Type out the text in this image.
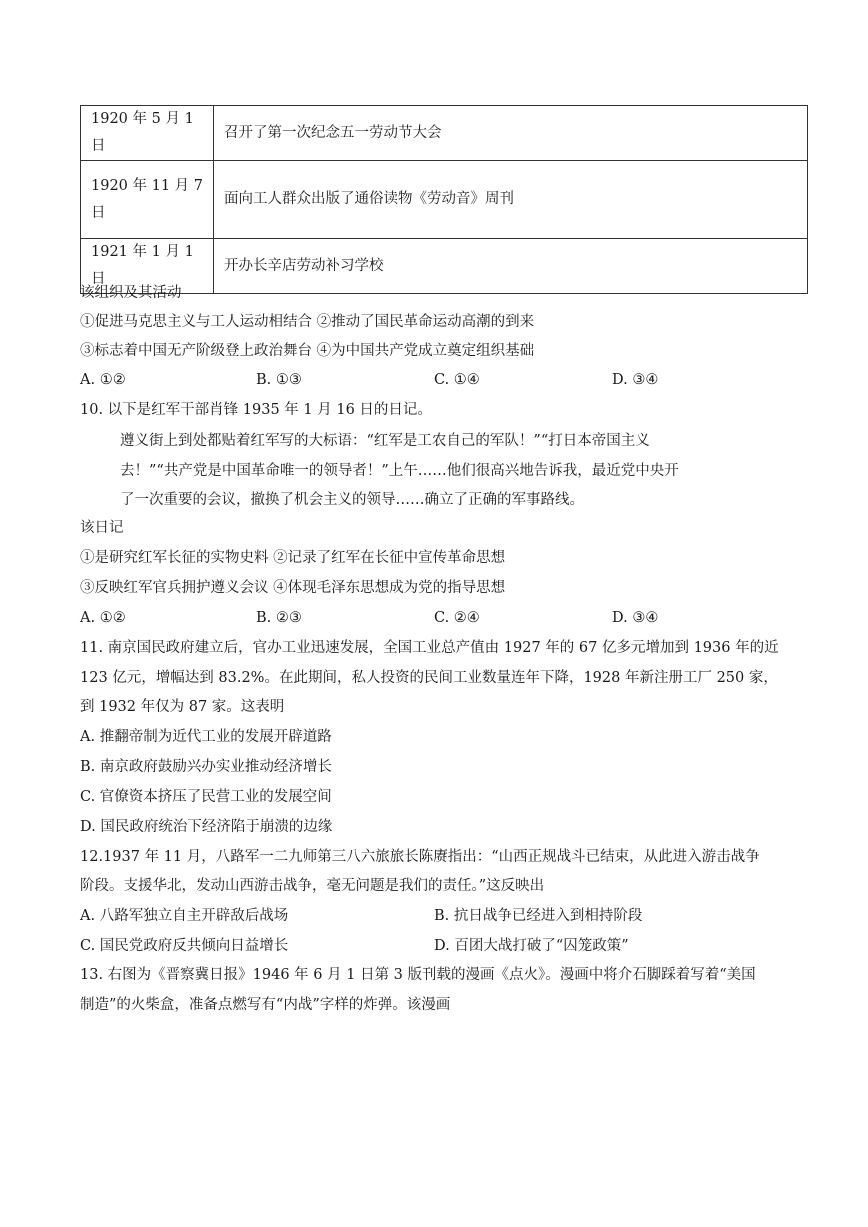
1920 年 5 月 1 日	召开了第一次纪念五一劳动节大会

1920 年 11 月 7
日	面向工人群众出版了通俗读物《劳动音》周刊
1921 年 1 月 1 日	开办长辛店劳动补习学校
该组织及其活动
①促进马克思主义与工人运动相结合 ②推动了国民革命运动高潮的到来
③标志着中国无产阶级登上政治舞台 ④为中国共产党成立奠定组织基础
A. ①②	B. ①③	C. ①④	D. ③④
10. 以下是红军干部肖锋 1935 年 1 月 16 日的日记。
遵义街上到处都贴着红军写的大标语：“红军是工农自己的军队！”“打日本帝国主义
去！”“共产党是中国革命唯一的领导者！”上午……他们很高兴地告诉我，最近党中央开
了一次重要的会议，撤换了机会主义的领导……确立了正确的军事路线。
该日记
①是研究红军长征的实物史料 ②记录了红军在长征中宣传革命思想
③反映红军官兵拥护遵义会议 ④体现毛泽东思想成为党的指导思想
A. ①②	B. ②③	C. ②④	D. ③④
11. 南京国民政府建立后，官办工业迅速发展，全国工业总产值由 1927 年的 67 亿多元增加到 1936 年的近
123 亿元，增幅达到 83.2%。在此期间，私人投资的民间工业数量连年下降，1928 年新注册工厂 250 家，
到 1932 年仅为 87 家。这表明
A. 推翻帝制为近代工业的发展开辟道路
B. 南京政府鼓励兴办实业推动经济增长
C. 官僚资本挤压了民营工业的发展空间
D. 国民政府统治下经济陷于崩溃的边缘
12.1937 年 11 月，八路军一二九师第三八六旅旅长陈赓指出：“山西正规战斗已结束，从此进入游击战争
阶段。支援华北，发动山西游击战争，毫无问题是我们的责任。”这反映出
A. 八路军独立自主开辟敌后战场	B. 抗日战争已经进入到相持阶段
C. 国民党政府反共倾向日益增长	D. 百团大战打破了“囚笼政策”
13. 右图为《晋察冀日报》1946 年 6 月 1 日第 3 版刊载的漫画《点火》。漫画中将介石脚踩着写着“美国
制造”的火柴盒，准备点燃写有“内战”字样的炸弹。该漫画
